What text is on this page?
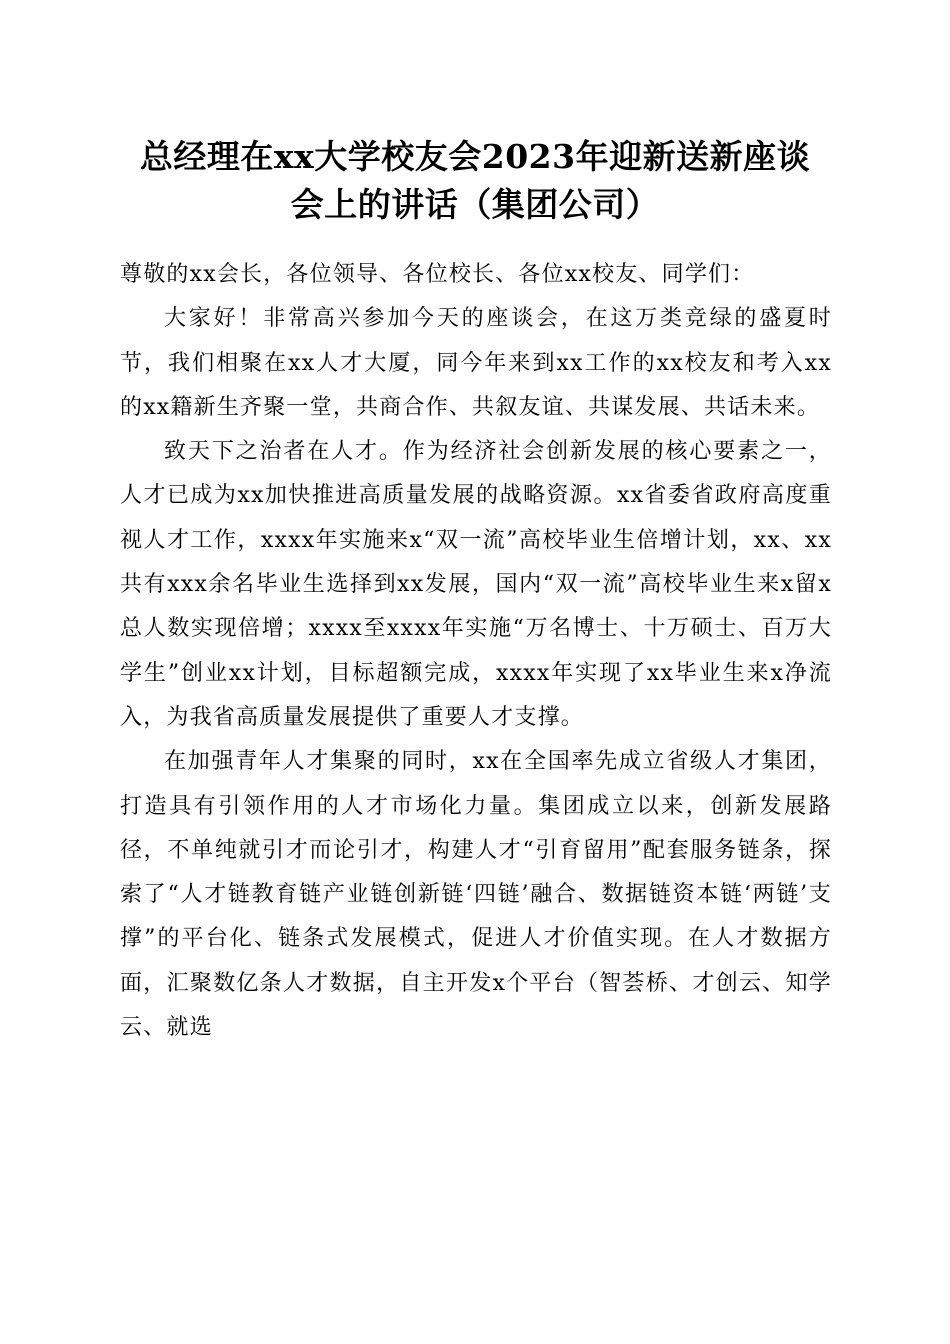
总经理在xx大学校友会2023年迎新送新座谈
会上的讲话（集团公司）

尊敬的xx会长，各位领导、各位校长、各位xx校友、同学们：

大家好！非常高兴参加今天的座谈会，在这万类竞绿的盛夏时节，我们相聚在xx人才大厦，同今年来到xx工作的xx校友和考入xx的xx籍新生齐聚一堂，共商合作、共叙友谊、共谋发展、共话未来。

致天下之治者在人才。作为经济社会创新发展的核心要素之一，人才已成为xx加快推进高质量发展的战略资源。xx省委省政府高度重视人才工作，xxxx年实施来x“双一流”高校毕业生倍增计划，xx、xx共有xxx余名毕业生选择到xx发展，国内“双一流”高校毕业生来x留x总人数实现倍增；xxxx至xxxx年实施“万名博士、十万硕士、百万大学生”创业xx计划，目标超额完成，xxxx年实现了xx毕业生来x净流入，为我省高质量发展提供了重要人才支撑。

在加强青年人才集聚的同时，xx在全国率先成立省级人才集团，打造具有引领作用的人才市场化力量。集团成立以来，创新发展路径，不单纯就引才而论引才，构建人才“引育留用”配套服务链条，探索了“人才链教育链产业链创新链‘四链’融合、数据链资本链‘两链’支撑”的平台化、链条式发展模式，促进人才价值实现。在人才数据方面，汇聚数亿条人才数据，自主开发x个平台（智荟桥、才创云、知学云、就选
